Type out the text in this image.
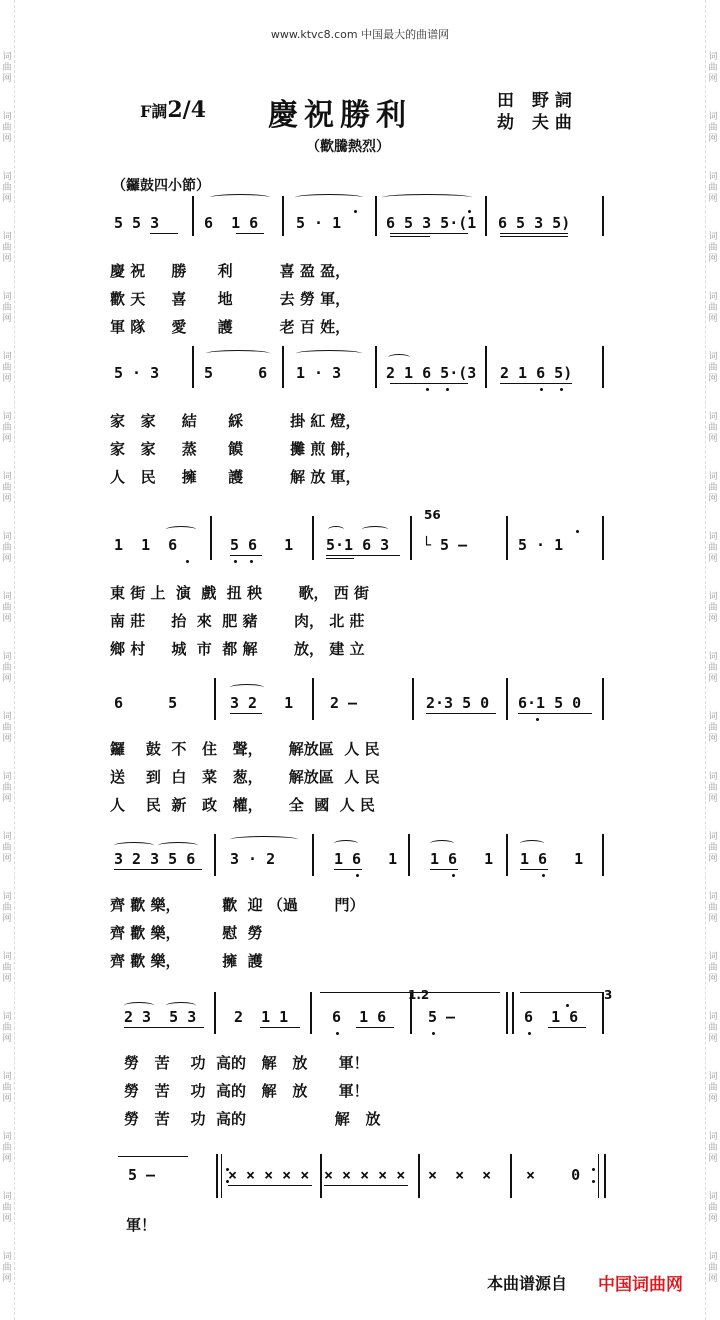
词曲网
词曲网
词曲网
词曲网
词曲网
词曲网
词曲网
词曲网
词曲网
词曲网
词曲网
词曲网
词曲网
词曲网
词曲网
词曲网
词曲网
词曲网
词曲网
词曲网
词曲网
词曲网
词曲网
词曲网
词曲网
词曲网
词曲网
词曲网
词曲网
词曲网
词曲网
词曲网
词曲网
词曲网
词曲网
词曲网
词曲网
词曲网
词曲网
词曲网
词曲网
词曲网
www.ktvc8.com 中国最大的曲谱网
F調2/4 慶祝勝利	田 野詞
劫 夫曲
（歡騰熱烈）
（鑼鼓四小節）
5 5 3	6  1 6	5 · 1	6 5 3 5·(1 6 5 3 5)
慶 祝     勝      利         喜 盈 盈，
歡 天     喜      地         去 勞 軍，
軍 隊     愛      護         老 百 姓，
5 · 3	5     6 1 · 3	2 1 6 5·(3 2 1 6 5)
家   家     結      綵         掛 紅 燈，
家   家     蒸      饃         攤 煎 餅，
人   民     擁      護         解 放 軍，
1  1  6	5 6   1 5·1 6 3
56
└ 5 —	5 · 1
東 街 上  演  戲  扭 秧       歌， 西 街
南 莊     抬  來  肥 豬       肉， 北 莊
鄉 村     城  市  都 解       放， 建 立
6     5	3 2   1 2 —	2·3 5 0 6·1 5 0
鑼    鼓  不   住   聲，     解放區  人 民
送    到  白   菜   葱，     解放區  人 民
人    民  新   政   權，     全  國  人 民
3 2 3 5 6 3 · 2	1 6   1 1 6   1 1 6   1
齊 歡 樂，        歡  迎 （過       門）
齊 歡 樂，        慰  勞
齊 歡 樂，        擁  護
1.2	3
2 3  5 3	2  1 1	6  1 6	5 —	6  1 6
勞   苦    功  高的   解   放      軍！
勞   苦    功  高的   解   放      軍！
勞   苦    功  高的                 解   放
5 —	× × × × × × × × × × ×  ×  × ×    0
軍！
本曲谱源自 中国词曲网
